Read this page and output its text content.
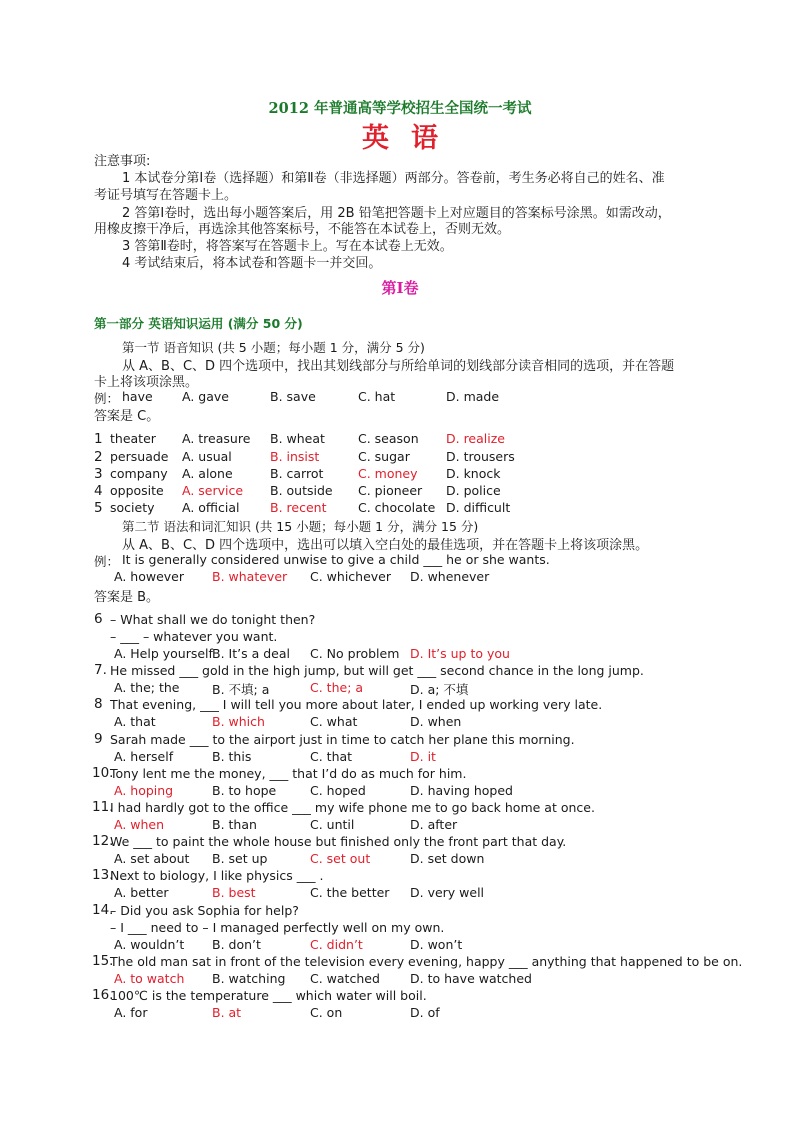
2012 年普通高等学校招生全国统一考试
英语
注意事项:
1 本试卷分第Ⅰ卷（选择题）和第Ⅱ卷（非选择题）两部分。答卷前，考生务必将自己的姓名、准
考证号填写在答题卡上。
2 答第Ⅰ卷时，选出每小题答案后，用 2B 铅笔把答题卡上对应题目的答案标号涂黑。如需改动，
用橡皮擦干净后，再选涂其他答案标号，不能答在本试卷上，否则无效。
3 答第Ⅱ卷时，将答案写在答题卡上。写在本试卷上无效。
4 考试结束后，将本试卷和答题卡一并交回。
第Ⅰ卷
第一部分 英语知识运用 (满分 50 分)
第一节 语音知识 (共 5 小题；每小题 1 分，满分 5 分)
从 A、B、C、D 四个选项中，找出其划线部分与所给单词的划线部分读音相同的选项，并在答题
卡上将该项涂黑。
例： have A. gave	B. save	C. hat	D. made
答案是 C。
1 theater A. treasure B. wheat	C. season D. realize
2 persuade A. usual	B. insist	C. sugar	D. trousers
3 company A. alone	B. carrot	C. money D. knock
4 opposite A. service B. outside C. pioneer D. police
5 society A. official B. recent	C. chocolate D. difficult
第二节 语法和词汇知识 (共 15 小题；每小题 1 分，满分 15 分)
从 A、B、C、D 四个选项中，选出可以填入空白处的最佳选项，并在答题卡上将该项涂黑。
例： It is generally considered unwise to give a child ___ he or she wants.
A. however B. whatever C. whichever D. whenever
答案是 B。
6 – What shall we do tonight then?
– ___ – whatever you want.
A. Help yourself B. It’s a deal C. No problem D. It’s up to you
7. He missed ___ gold in the high jump, but will get ___ second chance in the long jump.
A. the; the	B. 不填; a	C. the; a	D. a; 不填
8 That evening, ___ I will tell you more about later, I ended up working very late.
A. that	B. which	C. what	D. when
9 Sarah made ___ to the airport just in time to catch her plane this morning.
A. herself	B. this	C. that	D. it
10.
Tony lent me the money, ___ that I’d do as much for him.
A. hoping	B. to hope	C. hoped	D. having hoped
11.
I had hardly got to the office ___ my wife phone me to go back home at once.
A. when	B. than	C. until	D. after
12.
We ___ to paint the whole house but finished only the front part that day.
A. set about B. set up	C. set out	D. set down
13.
Next to biology, I like physics ___ .
A. better	B. best	C. the better D. very well
14.
– Did you ask Sophia for help?
– I ___ need to – I managed perfectly well on my own.
A. wouldn’t B. don’t	C. didn’t	D. won’t
15.
The old man sat in front of the television every evening, happy ___ anything that happened to be on.
A. to watch B. watching C. watched D. to have watched
16.
100℃ is the temperature ___ which water will boil.
A. for	B. at	C. on	D. of
